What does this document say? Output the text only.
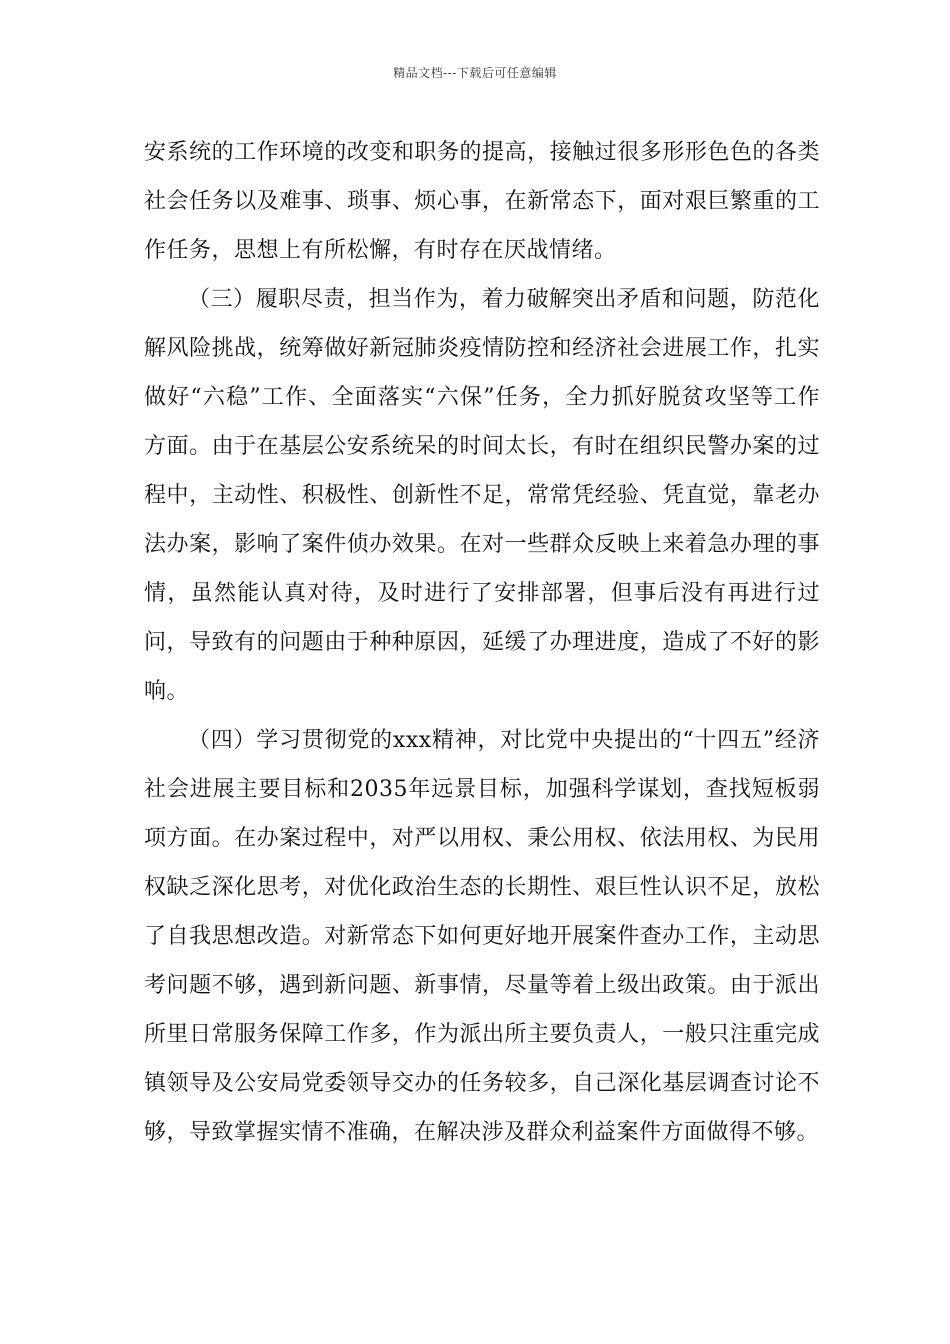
精品文档---下载后可任意编辑

安系统的工作环境的改变和职务的提高，接触过很多形形色色的各类社会任务以及难事、琐事、烦心事，在新常态下，面对艰巨繁重的工作任务，思想上有所松懈，有时存在厌战情绪。

（三）履职尽责，担当作为，着力破解突出矛盾和问题，防范化解风险挑战，统筹做好新冠肺炎疫情防控和经济社会进展工作，扎实做好“六稳”工作、全面落实“六保”任务，全力抓好脱贫攻坚等工作方面。由于在基层公安系统呆的时间太长，有时在组织民警办案的过程中，主动性、积极性、创新性不足，常常凭经验、凭直觉，靠老办法办案，影响了案件侦办效果。在对一些群众反映上来着急办理的事情，虽然能认真对待，及时进行了安排部署，但事后没有再进行过问，导致有的问题由于种种原因，延缓了办理进度，造成了不好的影响。

（四）学习贯彻党的xxx精神，对比党中央提出的“十四五”经济社会进展主要目标和2035年远景目标，加强科学谋划，查找短板弱项方面。在办案过程中，对严以用权、秉公用权、依法用权、为民用权缺乏深化思考，对优化政治生态的长期性、艰巨性认识不足，放松了自我思想改造。对新常态下如何更好地开展案件查办工作，主动思考问题不够，遇到新问题、新事情，尽量等着上级出政策。由于派出所里日常服务保障工作多，作为派出所主要负责人，一般只注重完成镇领导及公安局党委领导交办的任务较多，自己深化基层调查讨论不够，导致掌握实情不准确，在解决涉及群众利益案件方面做得不够。
